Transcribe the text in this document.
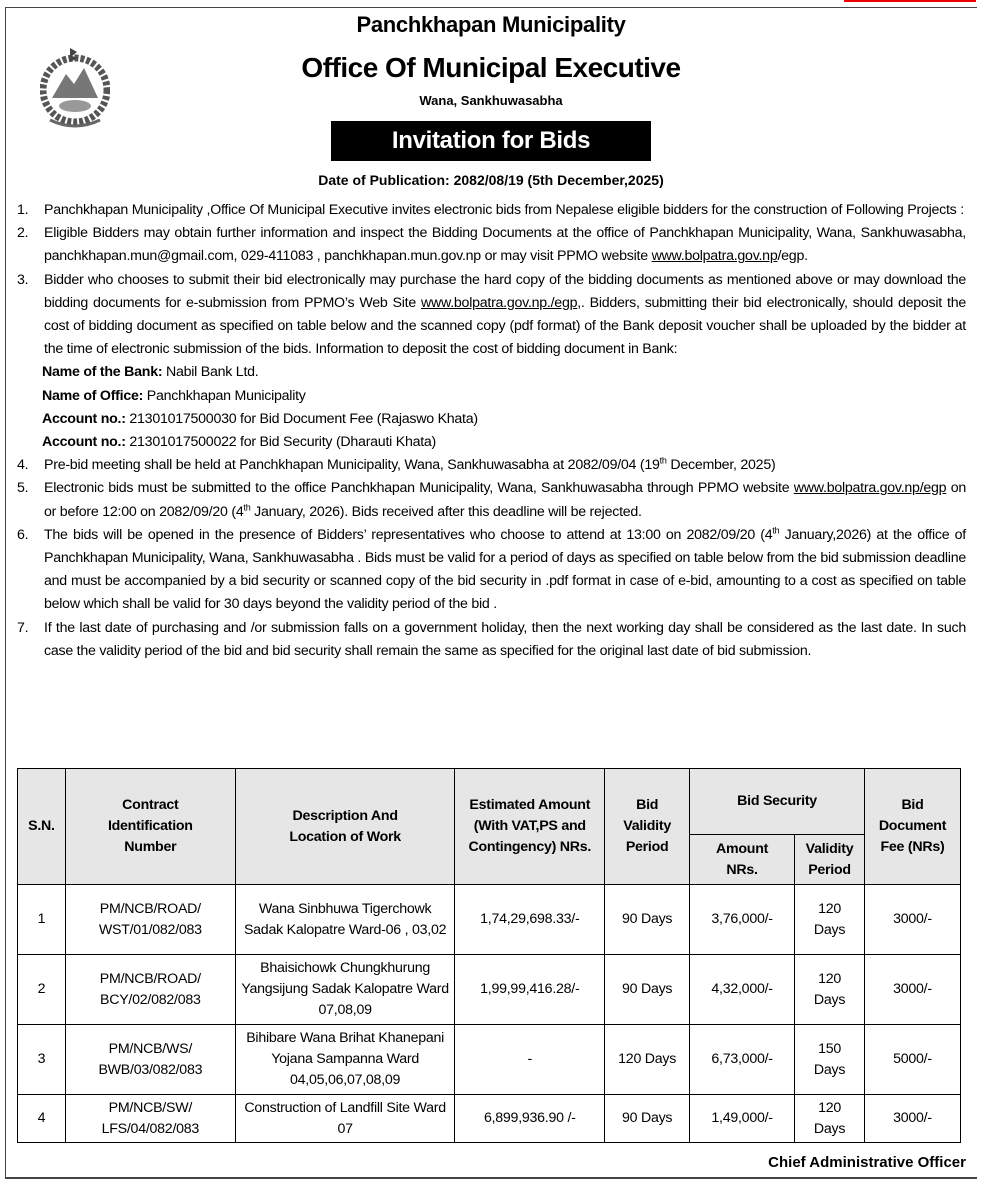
Panchkhapan Municipality
Office Of Municipal Executive
Wana, Sankhuwasabha
Invitation for Bids
Date of Publication: 2082/08/19 (5th December,2025)
1.	Panchkhapan Municipality ,Office Of Municipal Executive invites electronic bids from Nepalese eligible bidders for the construction of Following Projects :
2.	Eligible Bidders may obtain further information and inspect the Bidding Documents at the office of Panchkhapan Municipality, Wana, Sankhuwasabha, panchkhapan.mun@gmail.com, 029-411083 , panchkhapan.mun.gov.np or may visit PPMO website www.bolpatra.gov.np/egp.
3.	Bidder who chooses to submit their bid electronically may purchase the hard copy of the bidding documents as mentioned above or may download the bidding documents for e-submission from PPMO’s Web Site www.bolpatra.gov.np./egp,. Bidders, submitting their bid electronically, should deposit the cost of bidding document as specified on table below and the scanned copy (pdf format) of the Bank deposit voucher shall be uploaded by the bidder at the time of electronic submission of the bids. Information to deposit the cost of bidding document in Bank:
Name of the Bank: Nabil Bank Ltd.
Name of Office: Panchkhapan Municipality
Account no.: 21301017500030 for Bid Document Fee (Rajaswo Khata)
Account no.: 21301017500022 for Bid Security (Dharauti Khata)
4.	Pre-bid meeting shall be held at Panchkhapan Municipality, Wana, Sankhuwasabha at 2082/09/04 (19th December, 2025)
5.	Electronic bids must be submitted to the office Panchkhapan Municipality, Wana, Sankhuwasabha through PPMO website www.bolpatra.gov.np/egp on or before 12:00 on 2082/09/20 (4th January, 2026). Bids received after this deadline will be rejected.
6.	The bids will be opened in the presence of Bidders’ representatives who choose to attend at 13:00 on 2082/09/20 (4th January,2026) at the office of Panchkhapan Municipality, Wana, Sankhuwasabha . Bids must be valid for a period of days as specified on table below from the bid submission deadline and must be accompanied by a bid security or scanned copy of the bid security in .pdf format in case of e-bid, amounting to a cost as specified on table below which shall be valid for 30 days beyond the validity period of the bid .
7.	If the last date of purchasing and /or submission falls on a government holiday, then the next working day shall be considered as the last date. In such case the validity period of the bid and bid security shall remain the same as specified for the original last date of bid submission.
S.N.	Contract Identification Number	Description And Location of Work	Estimated Amount (With VAT,PS and Contingency) NRs.	Bid Validity Period	Bid Security		Bid Document Fee (NRs)
					Amount NRs.	Validity Period	
1	PM/NCB/ROAD/ WST/01/082/083	Wana Sinbhuwa Tigerchowk Sadak Kalopatre Ward-06 , 03,02	1,74,29,698.33/-	90 Days	3,76,000/-	120 Days	3000/-
2	PM/NCB/ROAD/ BCY/02/082/083	Bhaisichowk Chungkhurung Yangsijung Sadak Kalopatre Ward 07,08,09	1,99,99,416.28/-	90 Days	4,32,000/-	120 Days	3000/-
3	PM/NCB/WS/ BWB/03/082/083	Bihibare Wana Brihat Khanepani Yojana Sampanna Ward 04,05,06,07,08,09	-	120 Days	6,73,000/-	150 Days	5000/-
4	PM/NCB/SW/ LFS/04/082/083	Construction of Landfill Site Ward 07	6,899,936.90 /-	90 Days	1,49,000/-	120 Days	3000/-
Chief Administrative Officer
